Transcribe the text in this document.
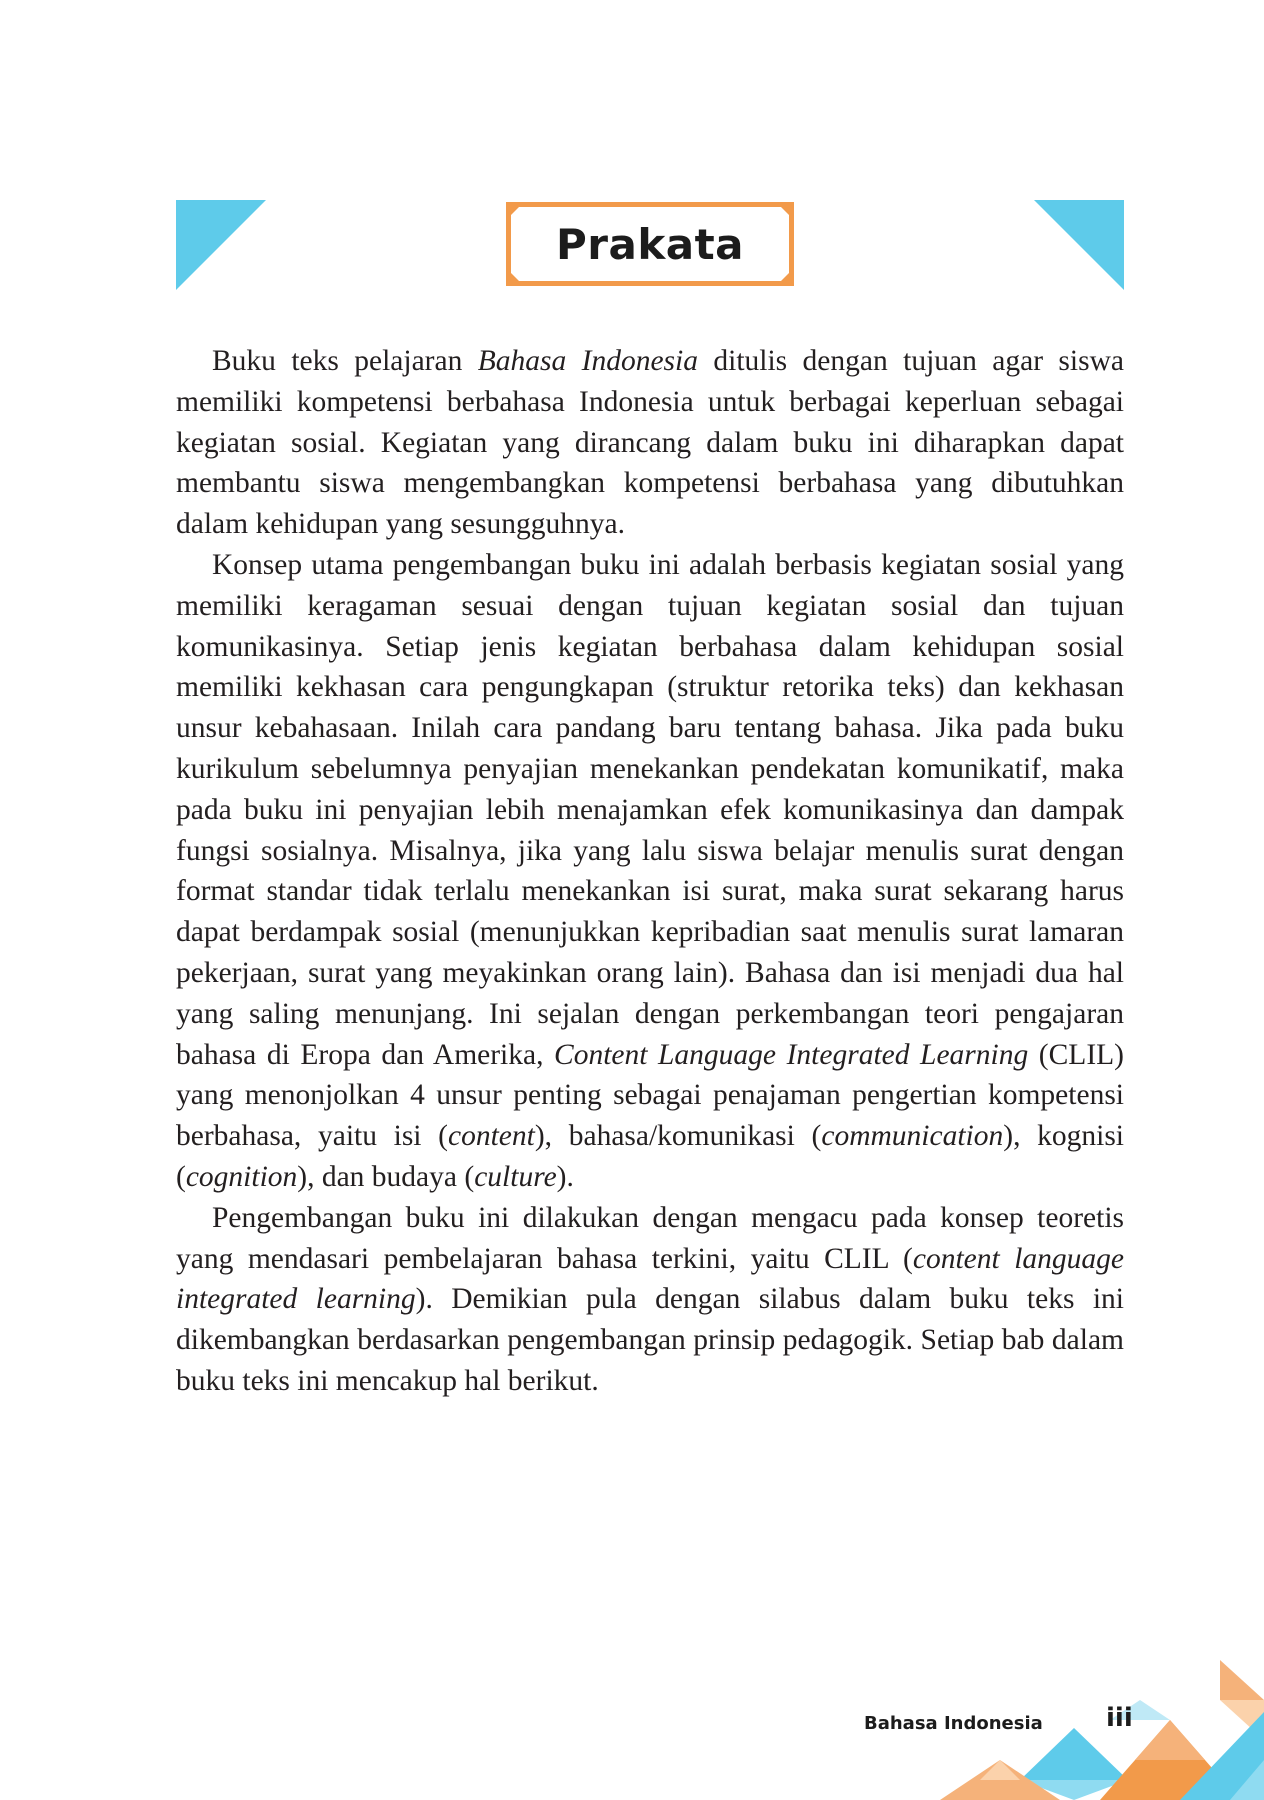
Prakata

Buku teks pelajaran Bahasa Indonesia ditulis dengan tujuan agar siswa memiliki kompetensi berbahasa Indonesia untuk berbagai keperluan sebagai kegiatan sosial. Kegiatan yang dirancang dalam buku ini diharapkan dapat membantu siswa mengembangkan kompetensi berbahasa yang dibutuhkan dalam kehidupan yang sesungguhnya.

Konsep utama pengembangan buku ini adalah berbasis kegiatan sosial yang memiliki keragaman sesuai dengan tujuan kegiatan sosial dan tujuan komunikasinya. Setiap jenis kegiatan berbahasa dalam kehidupan sosial memiliki kekhasan cara pengungkapan (struktur retorika teks) dan kekhasan unsur kebahasaan. Inilah cara pandang baru tentang bahasa. Jika pada buku kurikulum sebelumnya penyajian menekankan pendekatan komunikatif, maka pada buku ini penyajian lebih menajamkan efek komunikasinya dan dampak fungsi sosialnya. Misalnya, jika yang lalu siswa belajar menulis surat dengan format standar tidak terlalu menekankan isi surat, maka surat sekarang harus dapat berdampak sosial (menunjukkan kepribadian saat menulis surat lamaran pekerjaan, surat yang meyakinkan orang lain). Bahasa dan isi menjadi dua hal yang saling menunjang. Ini sejalan dengan perkembangan teori pengajaran bahasa di Eropa dan Amerika, Content Language Integrated Learning (CLIL) yang menonjolkan 4 unsur penting sebagai penajaman pengertian kompetensi berbahasa, yaitu isi (content), bahasa/komunikasi (communication), kognisi (cognition), dan budaya (culture).

Pengembangan buku ini dilakukan dengan mengacu pada konsep teoretis yang mendasari pembelajaran bahasa terkini, yaitu CLIL (content language integrated learning). Demikian pula dengan silabus dalam buku teks ini dikembangkan berdasarkan pengembangan prinsip pedagogik. Setiap bab dalam buku teks ini mencakup hal berikut.

Bahasa Indonesia iii
